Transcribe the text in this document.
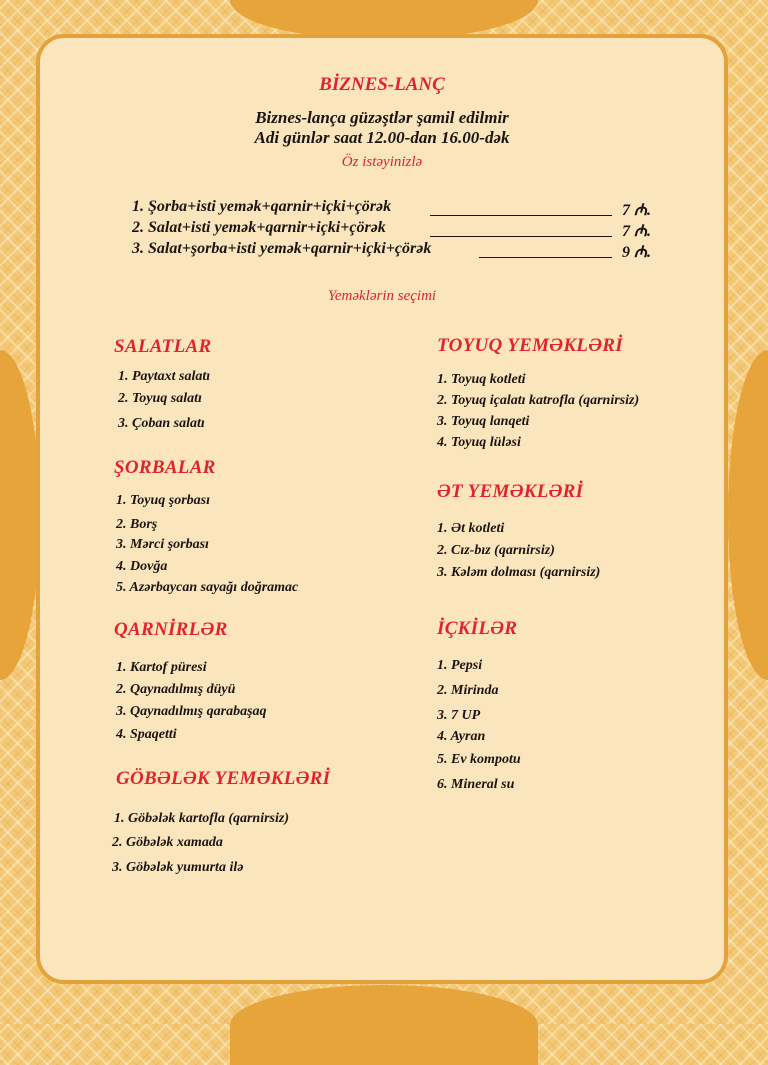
BİZNES-LANÇ

Biznes-lança güzəştlər şamil edilmir

Adi günlər saat 12.00-dan 16.00-dək

Öz istəyinizlə

1. Şorba+isti yemək+qarnir+içki+çörək	7 ₼.
2. Salat+isti yemək+qarnir+içki+çörək	7 ₼.
3. Salat+şorba+isti yemək+qarnir+içki+çörək	9 ₼.

Yeməklərin seçimi

SALATLAR
1. Paytaxt salatı
2. Toyuq salatı
3. Çoban salatı
ŞORBALAR
1. Toyuq şorbası
2. Borş
3. Mərci şorbası
4. Dovğa
5. Azərbaycan sayağı doğramac
QARNİRLƏR
1. Kartof püresi
2. Qaynadılmış düyü
3. Qaynadılmış qarabaşaq
4. Spaqetti
GÖBƏLƏK YEMƏKLƏRİ
1. Göbələk kartofla (qarnirsiz)
2. Göbələk xamada
3. Göbələk yumurta ilə
TOYUQ YEMƏKLƏRİ
1. Toyuq kotleti
2. Toyuq içalatı katrofla (qarnirsiz)
3. Toyuq lanqeti
4. Toyuq lüləsi
ƏT YEMƏKLƏRİ
1. Ət kotleti
2. Cız-bız (qarnirsiz)
3. Kələm dolması (qarnirsiz)
İÇKİLƏR
1. Pepsi
2. Mirinda
3. 7 UP
4. Ayran
5. Ev kompotu
6. Mineral su
